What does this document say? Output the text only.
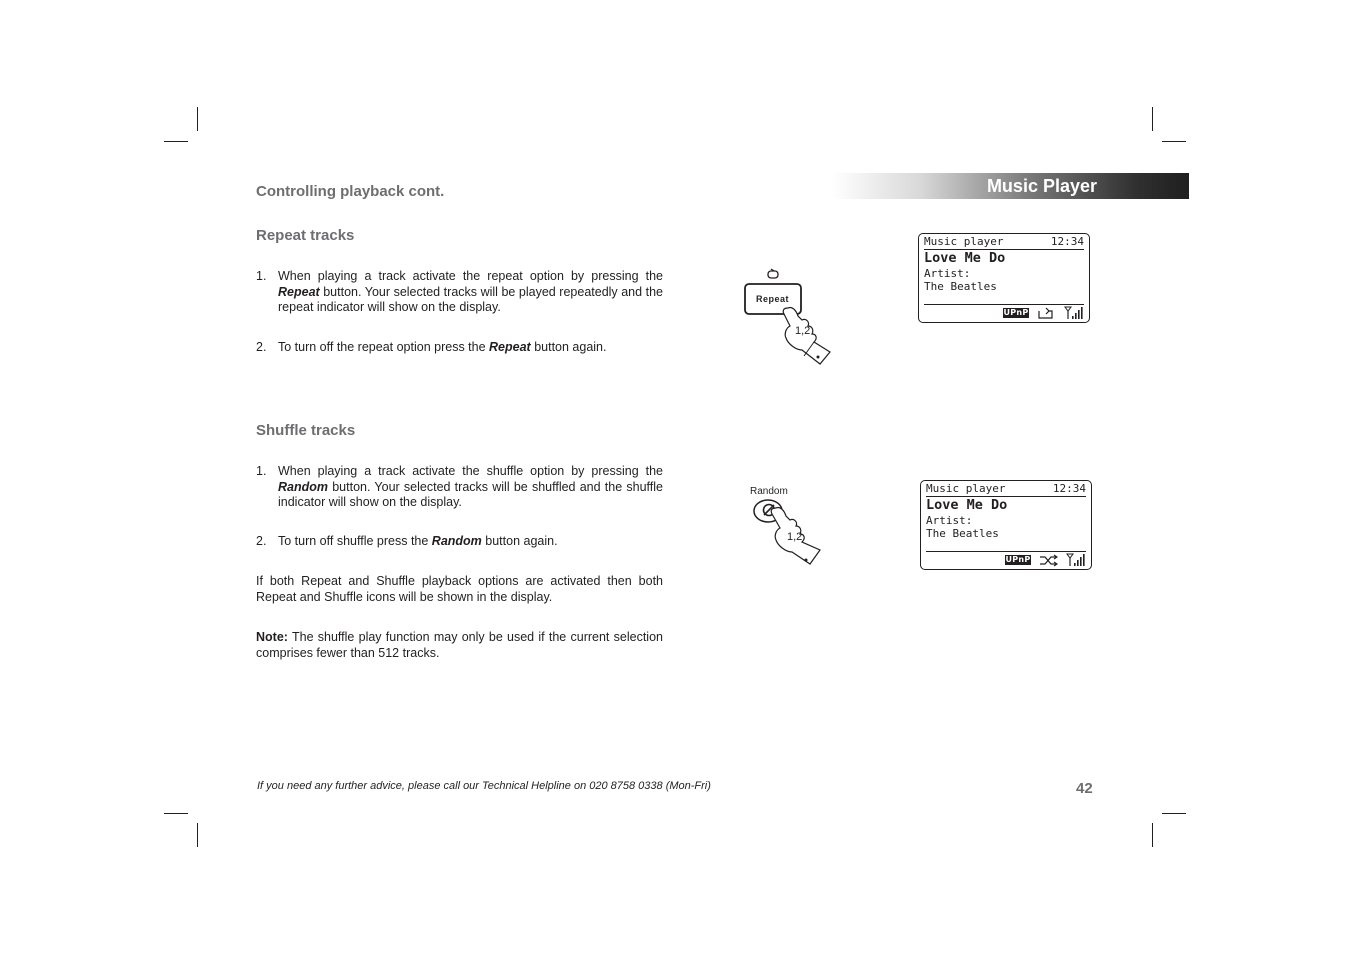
Controlling playback cont.	Music Player
Repeat tracks
1. When playing a track activate the repeat option by pressing the Repeat button. Your selected tracks will be played repeatedly and the repeat indicator will show on the display.
2. To turn off the repeat option press the Repeat button again.
Shuffle tracks
1. When playing a track activate the shuffle option by pressing the Random button. Your selected tracks will be shuffled and the shuffle indicator will show on the display.
2. To turn off shuffle press the Random button again.
If both Repeat and Shuffle playback options are activated then both Repeat and Shuffle icons will be shown in the display.
Note: The shuffle play function may only be used if the current selection comprises fewer than 512 tracks.
Repeat
1,2
Random
1,2
Music player	12:34
Love Me Do
Artist:
The Beatles
UPnP
Music player	12:34
Love Me Do
Artist:
The Beatles
UPnP
If you need any further advice, please call our Technical Helpline on 020 8758 0338 (Mon-Fri)	42
